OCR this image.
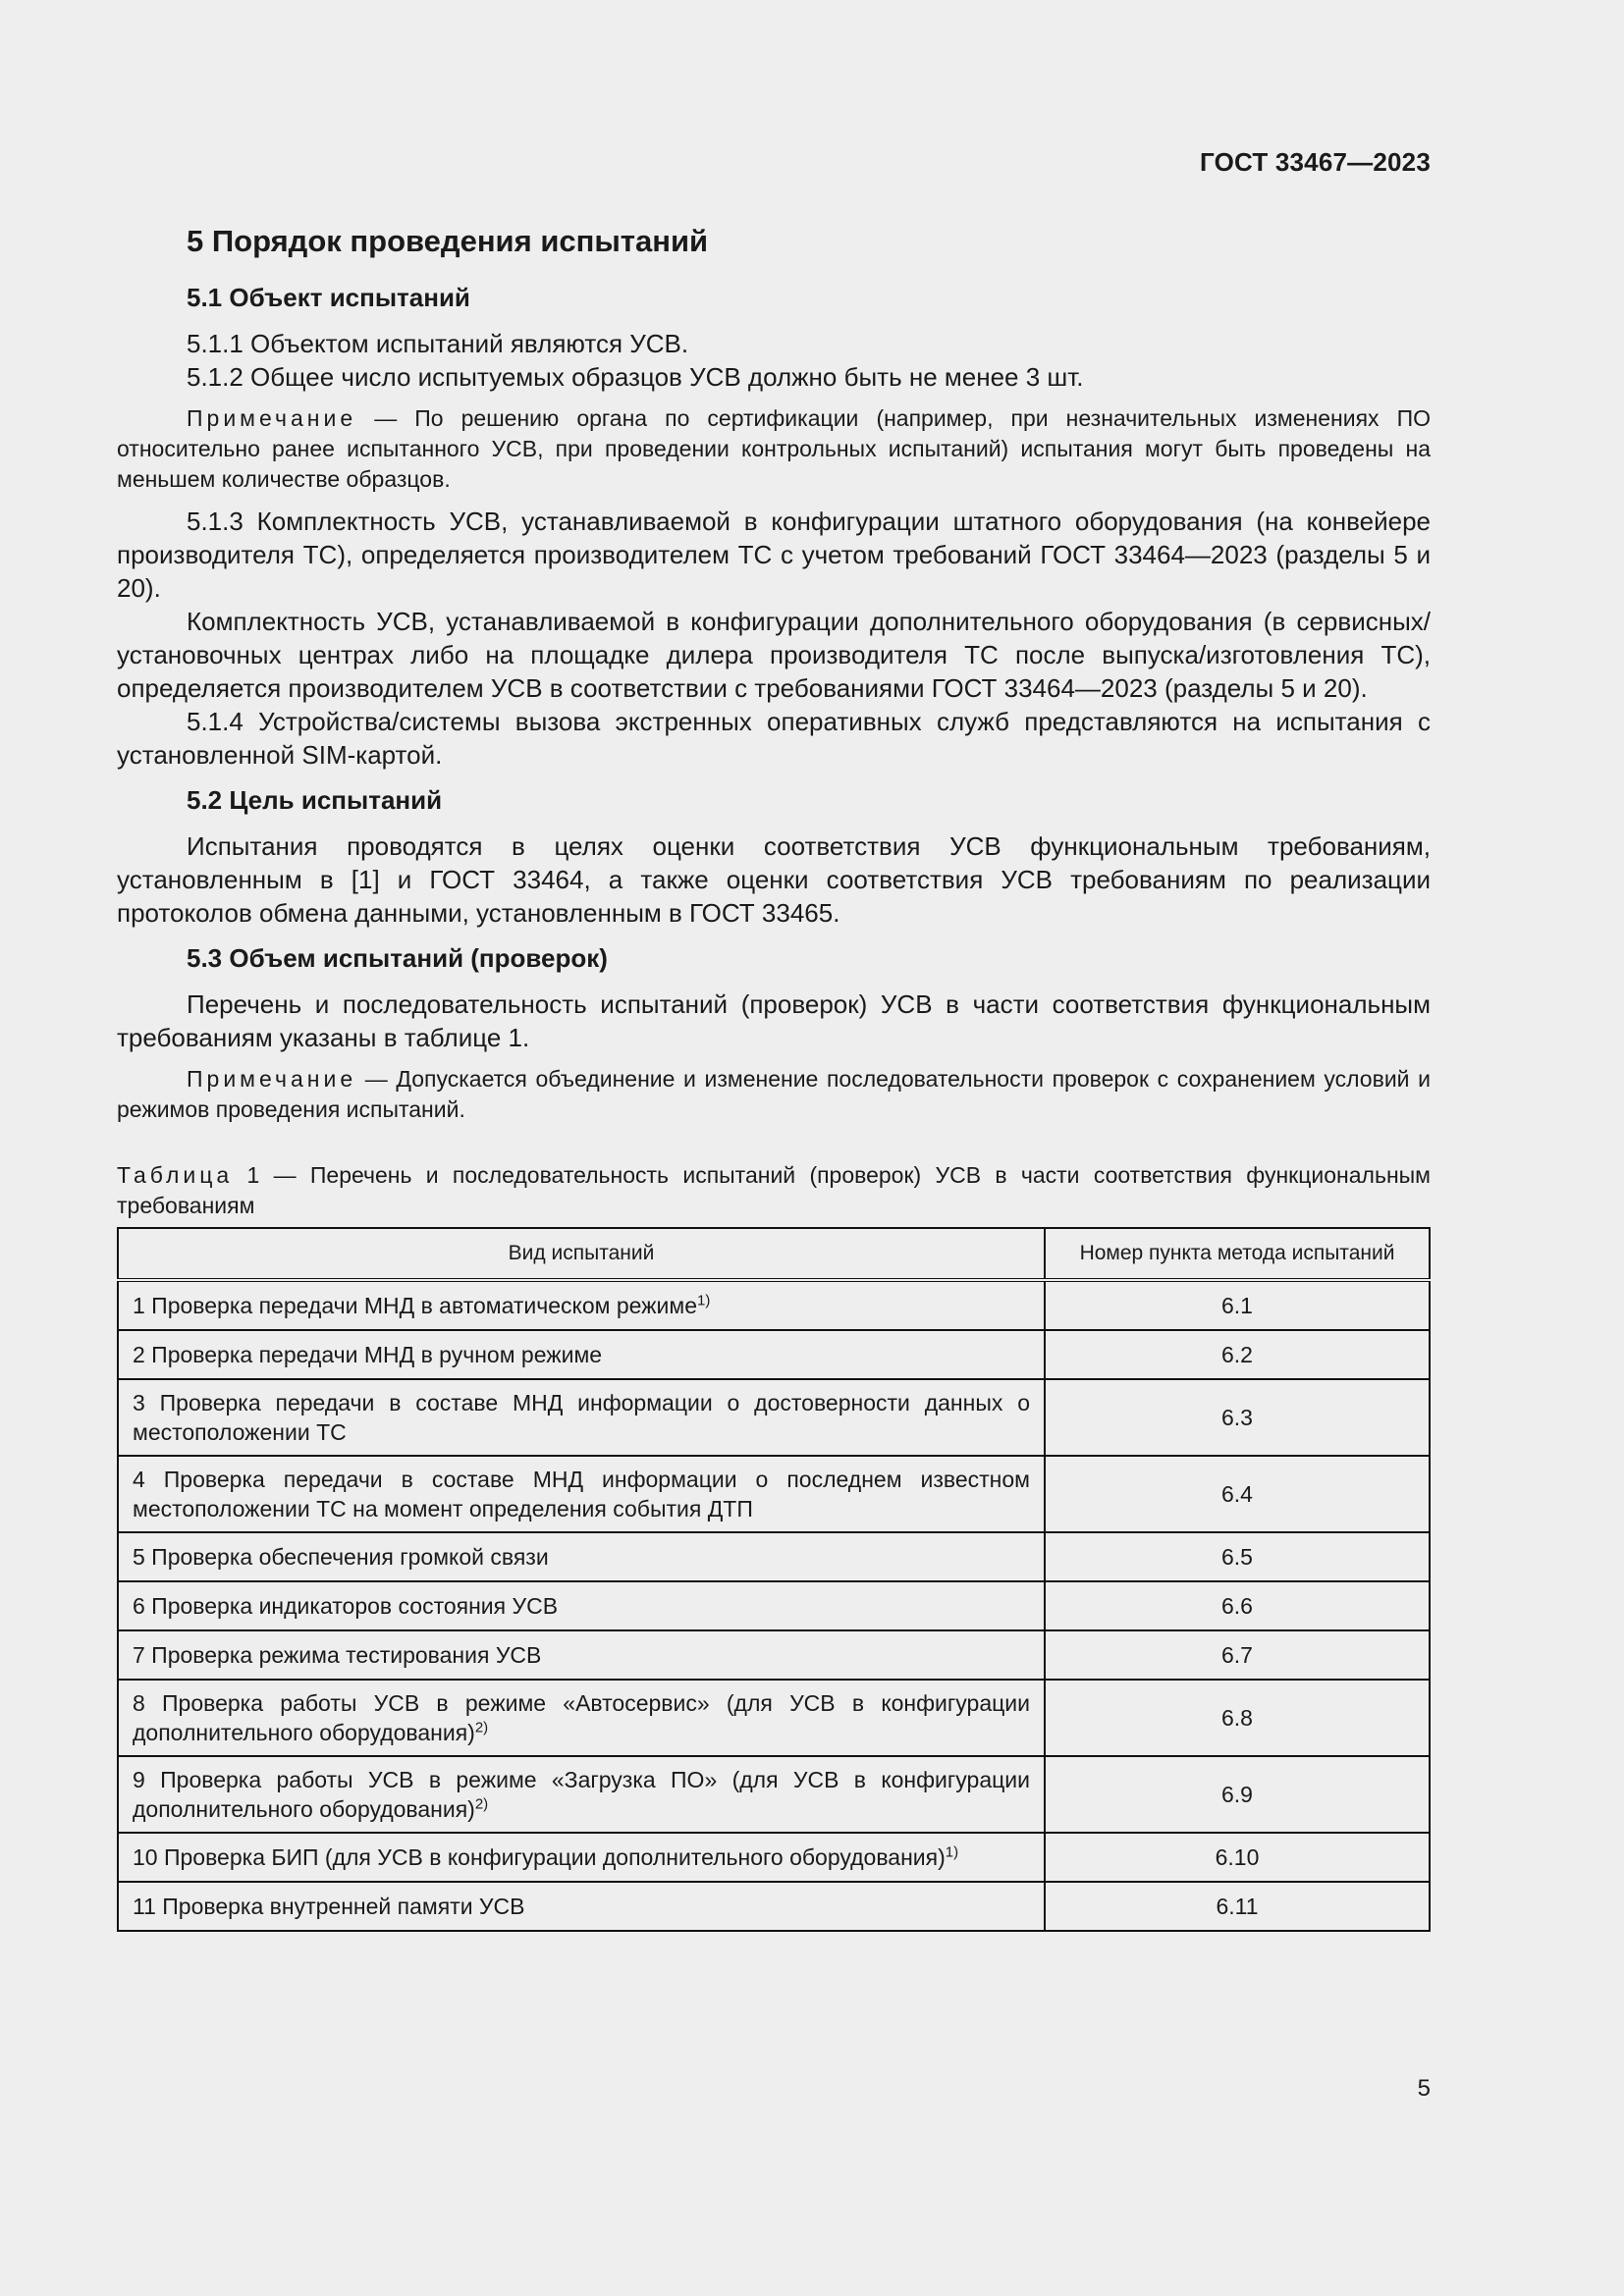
ГОСТ 33467—2023
5 Порядок проведения испытаний
5.1 Объект испытаний

5.1.1 Объектом испытаний являются УСВ.

5.1.2 Общее число испытуемых образцов УСВ должно быть не менее 3 шт.

Примечание — По решению органа по сертификации (например, при незначительных изменениях ПО относительно ранее испытанного УСВ, при проведении контрольных испытаний) испытания могут быть проведены на меньшем количестве образцов.

5.1.3 Комплектность УСВ, устанавливаемой в конфигурации штатного оборудования (на конвейере производителя ТС), определяется производителем ТС с учетом требований ГОСТ 33464—2023 (разделы 5 и 20).

Комплектность УСВ, устанавливаемой в конфигурации дополнительного оборудования (в сервисных/установочных центрах либо на площадке дилера производителя ТС после выпуска/изготовления ТС), определяется производителем УСВ в соответствии с требованиями ГОСТ 33464—2023 (разделы 5 и 20).

5.1.4 Устройства/системы вызова экстренных оперативных служб представляются на испытания с установленной SIM-картой.

5.2 Цель испытаний

Испытания проводятся в целях оценки соответствия УСВ функциональным требованиям, установленным в [1] и ГОСТ 33464, а также оценки соответствия УСВ требованиям по реализации протоколов обмена данными, установленным в ГОСТ 33465.

5.3 Объем испытаний (проверок)

Перечень и последовательность испытаний (проверок) УСВ в части соответствия функциональным требованиям указаны в таблице 1.

Примечание — Допускается объединение и изменение последовательности проверок с сохранением условий и режимов проведения испытаний.

Таблица 1 — Перечень и последовательность испытаний (проверок) УСВ в части соответствия функциональным требованиям

Вид испытаний	Номер пункта метода испытаний
1 Проверка передачи МНД в автоматическом режиме$^{1)}$	6.1
2 Проверка передачи МНД в ручном режиме	6.2
3 Проверка передачи в составе МНД информации о достоверности данных о местоположении ТС	6.3
4 Проверка передачи в составе МНД информации о последнем известном местоположении ТС на момент определения события ДТП	6.4
5 Проверка обеспечения громкой связи	6.5
6 Проверка индикаторов состояния УСВ	6.6
7 Проверка режима тестирования УСВ	6.7
8 Проверка работы УСВ в режиме «Автосервис» (для УСВ в конфигурации дополнительного оборудования)$^{2)}$	6.8
9 Проверка работы УСВ в режиме «Загрузка ПО» (для УСВ в конфигурации дополнительного оборудования)$^{2)}$	6.9
10 Проверка БИП (для УСВ в конфигурации дополнительного оборудования)$^{1)}$	6.10
11 Проверка внутренней памяти УСВ	6.11
5
